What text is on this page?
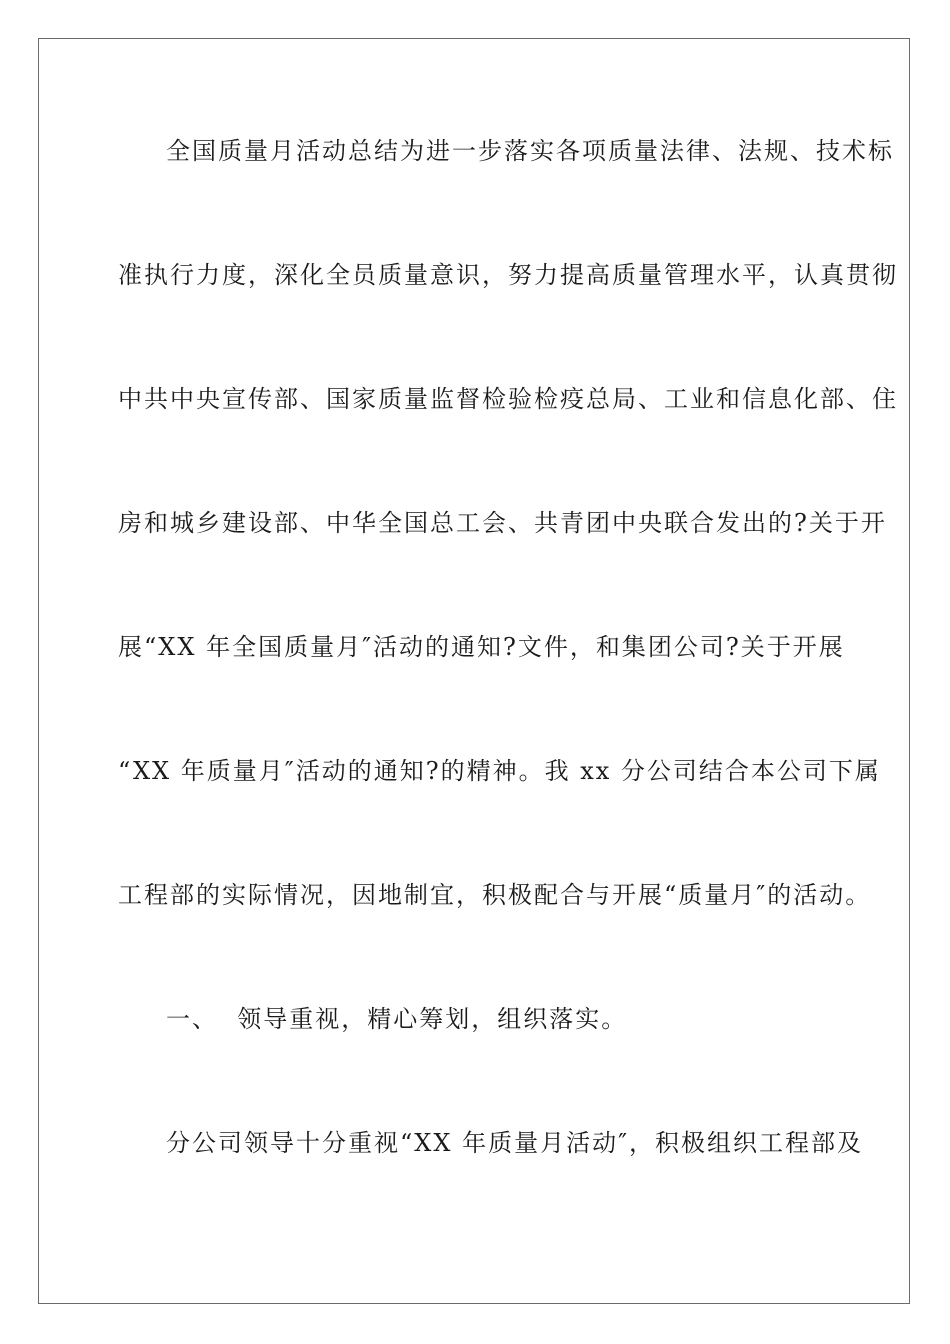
全国质量月活动总结为进一步落实各项质量法律、法规、技术标
准执行力度，深化全员质量意识，努力提高质量管理水平，认真贯彻
中共中央宣传部、国家质量监督检验检疫总局、工业和信息化部、住
房和城乡建设部、中华全国总工会、共青团中央联合发出的?关于开
展“XX 年全国质量月″活动的通知?文件，和集团公司?关于开展
“XX 年质量月″活动的通知?的精神。我 xx 分公司结合本公司下属
工程部的实际情况，因地制宜，积极配合与开展“质量月″的活动。
一、  领导重视，精心筹划，组织落实。
分公司领导十分重视“XX 年质量月活动″，积极组织工程部及
